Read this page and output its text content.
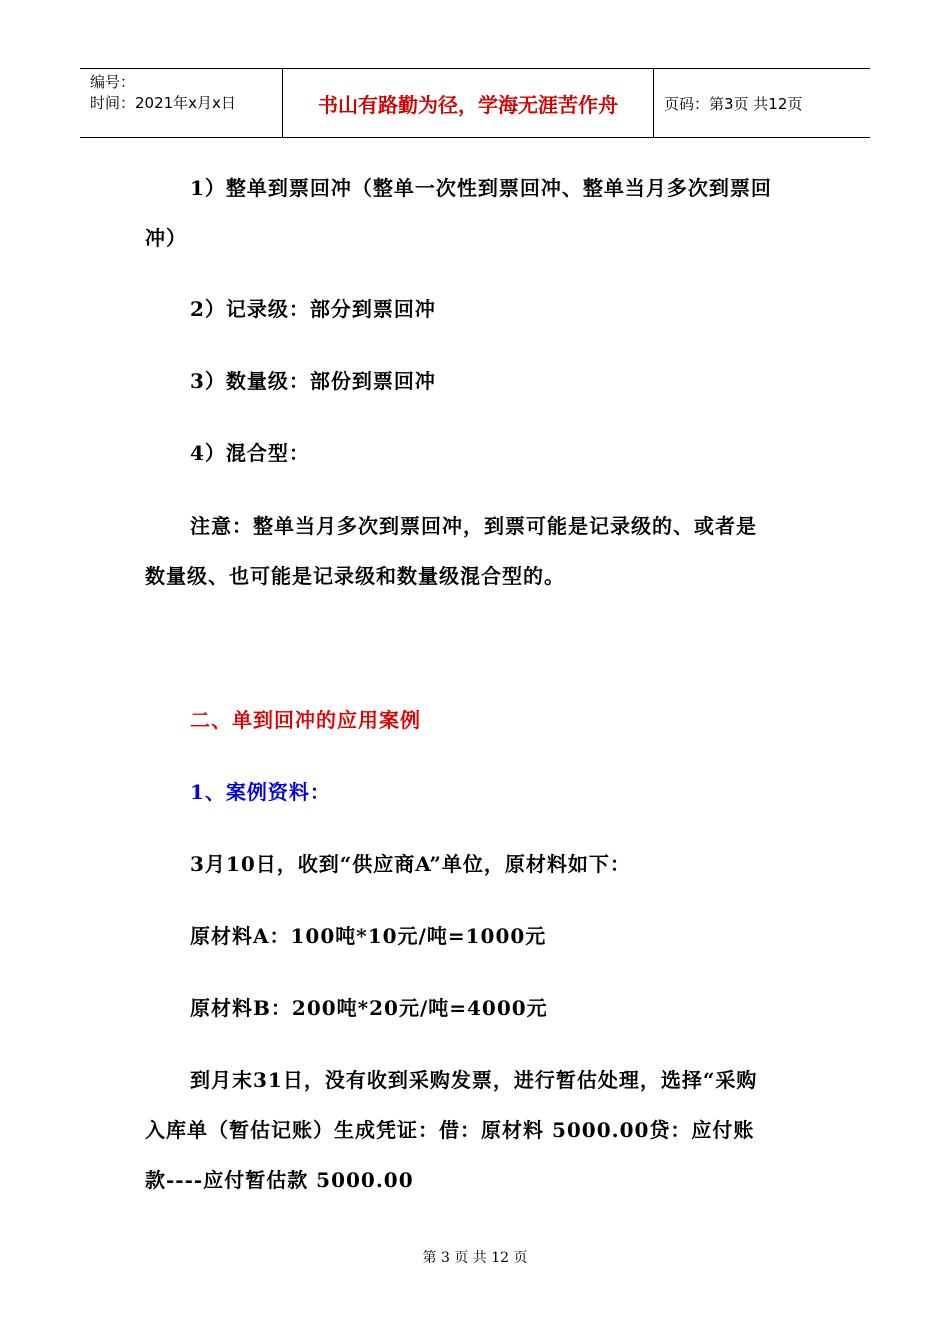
编号：
时间：2021年x月x日	书山有路勤为径，学海无涯苦作舟	页码：第3页 共12页
1）整单到票回冲（整单一次性到票回冲、整单当月多次到票回
冲）
2）记录级：部分到票回冲
3）数量级：部份到票回冲
4）混合型：
注意：整单当月多次到票回冲，到票可能是记录级的、或者是
数量级、也可能是记录级和数量级混合型的。
二、单到回冲的应用案例
1、案例资料：
3月10日，收到“供应商A”单位，原材料如下：
原材料A：100吨*10元/吨=1000元
原材料B：200吨*20元/吨=4000元
到月末31日，没有收到采购发票，进行暂估处理，选择“采购
入库单（暂估记账）生成凭证：借：原材料 5000.00贷：应付账
款----应付暂估款 5000.00
第 3 页 共 12 页
